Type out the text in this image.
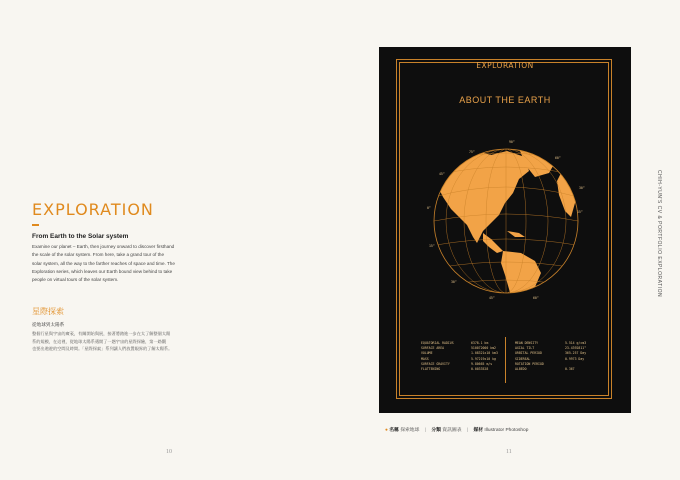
EXPLORATION
From Earth to the Solar system
Examine our planet – Earth, then journey onward to discover firsthand
the scale of the solar system. From here, take a grand tour of the
solar system, all the way to the farther reaches of space and time. The
Exploration series, which leaves our Earth bound view behind to take
people on virtual tours of the solar system.
星際探索
從地球到太陽系
整個行星與宇宙的廣袤，有關開始與展，接著將踏進一步在太了解整個太陽
系的規模，在這裡，從地球太陽系邁開了一趟宇宙的星際探險，第一路觀
也要出遨遊的空間及時間。「星際探索」系列讓人們放置眼界的了解太陽系。
10
CHIH-YUN'S CV & PORTFOLIO EXPLORATION
11
EXPLORATION
ABOUT THE EARTH
90°
75°
60°
45°
30°
15°
0°
15°
30°
45°	60°
EQUATORIAL RADIUS	6378.1 km
SURFACE AREA	510072000 km2
VOLUME	1.08321x10 km3
MASS	5.97219x10 kg
SURFACE GRAVITY	9.80665 m/s
FLATTENING	0.0033528
MEAN DENSITY	5.514 g/cm3
AXIAL TILT	23.4392811°
ORBITAL PERIOD	365.257 Day
SIDEREAL	0.9973 Day
ROTATION PERIOD
ALBEDO	0.367
● 名稱 探索地球 | 分類 資訊圖表 | 媒材 Illustrator Photoshop
